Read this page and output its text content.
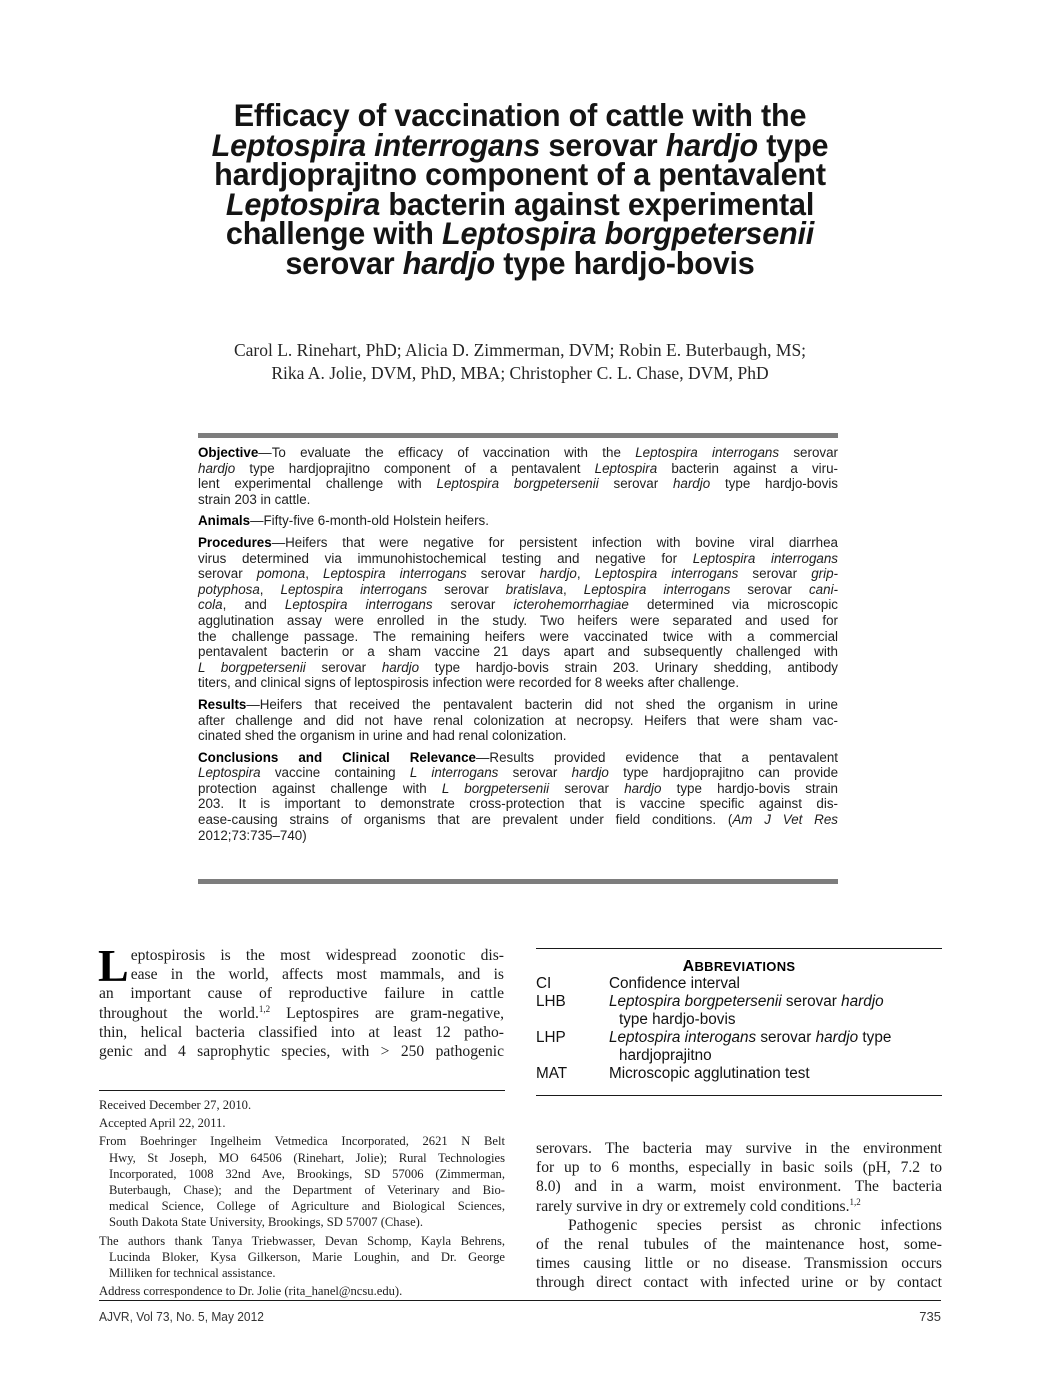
Efficacy of vaccination of cattle with the
Leptospira interrogans serovar hardjo type
hardjoprajitno component of a pentavalent
Leptospira bacterin against experimental
challenge with Leptospira borgpetersenii
serovar hardjo type hardjo-bovis
Carol L. Rinehart, PhD; Alicia D. Zimmerman, DVM; Robin E. Buterbaugh, MS;
Rika A. Jolie, DVM, PhD, MBA; Christopher C. L. Chase, DVM, PhD

Objective—To evaluate the efficacy of vaccination with the Leptospira interrogans serovar
hardjo type hardjoprajitno component of a pentavalent Leptospira bacterin against a viru-
lent experimental challenge with Leptospira borgpetersenii serovar hardjo type hardjo-bovis
strain 203 in cattle.

Animals—Fifty-five 6-month-old Holstein heifers.

Procedures—Heifers that were negative for persistent infection with bovine viral diarrhea
virus determined via immunohistochemical testing and negative for Leptospira interrogans
serovar pomona, Leptospira interrogans serovar hardjo, Leptospira interrogans serovar grip-
potyphosa, Leptospira interrogans serovar bratislava, Leptospira interrogans serovar cani-
cola, and Leptospira interrogans serovar icterohemorrhagiae determined via microscopic
agglutination assay were enrolled in the study. Two heifers were separated and used for
the challenge passage. The remaining heifers were vaccinated twice with a commercial
pentavalent bacterin or a sham vaccine 21 days apart and subsequently challenged with
L borgpetersenii serovar hardjo type hardjo-bovis strain 203. Urinary shedding, antibody
titers, and clinical signs of leptospirosis infection were recorded for 8 weeks after challenge.

Results—Heifers that received the pentavalent bacterin did not shed the organism in urine
after challenge and did not have renal colonization at necropsy. Heifers that were sham vac-
cinated shed the organism in urine and had renal colonization.

Conclusions and Clinical Relevance—Results provided evidence that a pentavalent
Leptospira vaccine containing L interrogans serovar hardjo type hardjoprajitno can provide
protection against challenge with L borgpetersenii serovar hardjo type hardjo-bovis strain
203. It is important to demonstrate cross-protection that is vaccine specific against dis-
ease-causing strains of organisms that are prevalent under field conditions. (Am J Vet Res
2012;73:735–740)

L eptospirosis is the most widespread zoonotic dis-
ease in the world, affects most mammals, and is
an important cause of reproductive failure in cattle
throughout the world.$^{1,2}$ Leptospires are gram-negative,
thin, helical bacteria classified into at least 12 patho-
genic and 4 saprophytic species, with > 250 pathogenic
Received December 27, 2010.
Accepted April 22, 2011.
From Boehringer Ingelheim Vetmedica Incorporated, 2621 N Belt
Hwy, St Joseph, MO 64506 (Rinehart, Jolie); Rural Technologies
Incorporated, 1008 32nd Ave, Brookings, SD 57006 (Zimmerman,
Buterbaugh, Chase); and the Department of Veterinary and Bio-
medical Science, College of Agriculture and Biological Sciences,
South Dakota State University, Brookings, SD 57007 (Chase).
The authors thank Tanya Triebwasser, Devan Schomp, Kayla Behrens,
Lucinda Bloker, Kysa Gilkerson, Marie Loughin, and Dr. George
Milliken for technical assistance.
Address correspondence to Dr. Jolie (rita_hanel@ncsu.edu).
ABBREVIATIONS
CI	Confidence interval
LHB	Leptospira borgpetersenii serovar hardjo
type hardjo-bovis
LHP	Leptospira interogans serovar hardjo type
hardjoprajitno
MAT	Microscopic agglutination test
serovars. The bacteria may survive in the environment
for up to 6 months, especially in basic soils (pH, 7.2 to
8.0) and in a warm, moist environment. The bacteria
rarely survive in dry or extremely cold conditions.$^{1,2}$
Pathogenic species persist as chronic infections
of the renal tubules of the maintenance host, some-
times causing little or no disease. Transmission occurs
through direct contact with infected urine or by contact
AJVR, Vol 73, No. 5, May 2012	735
